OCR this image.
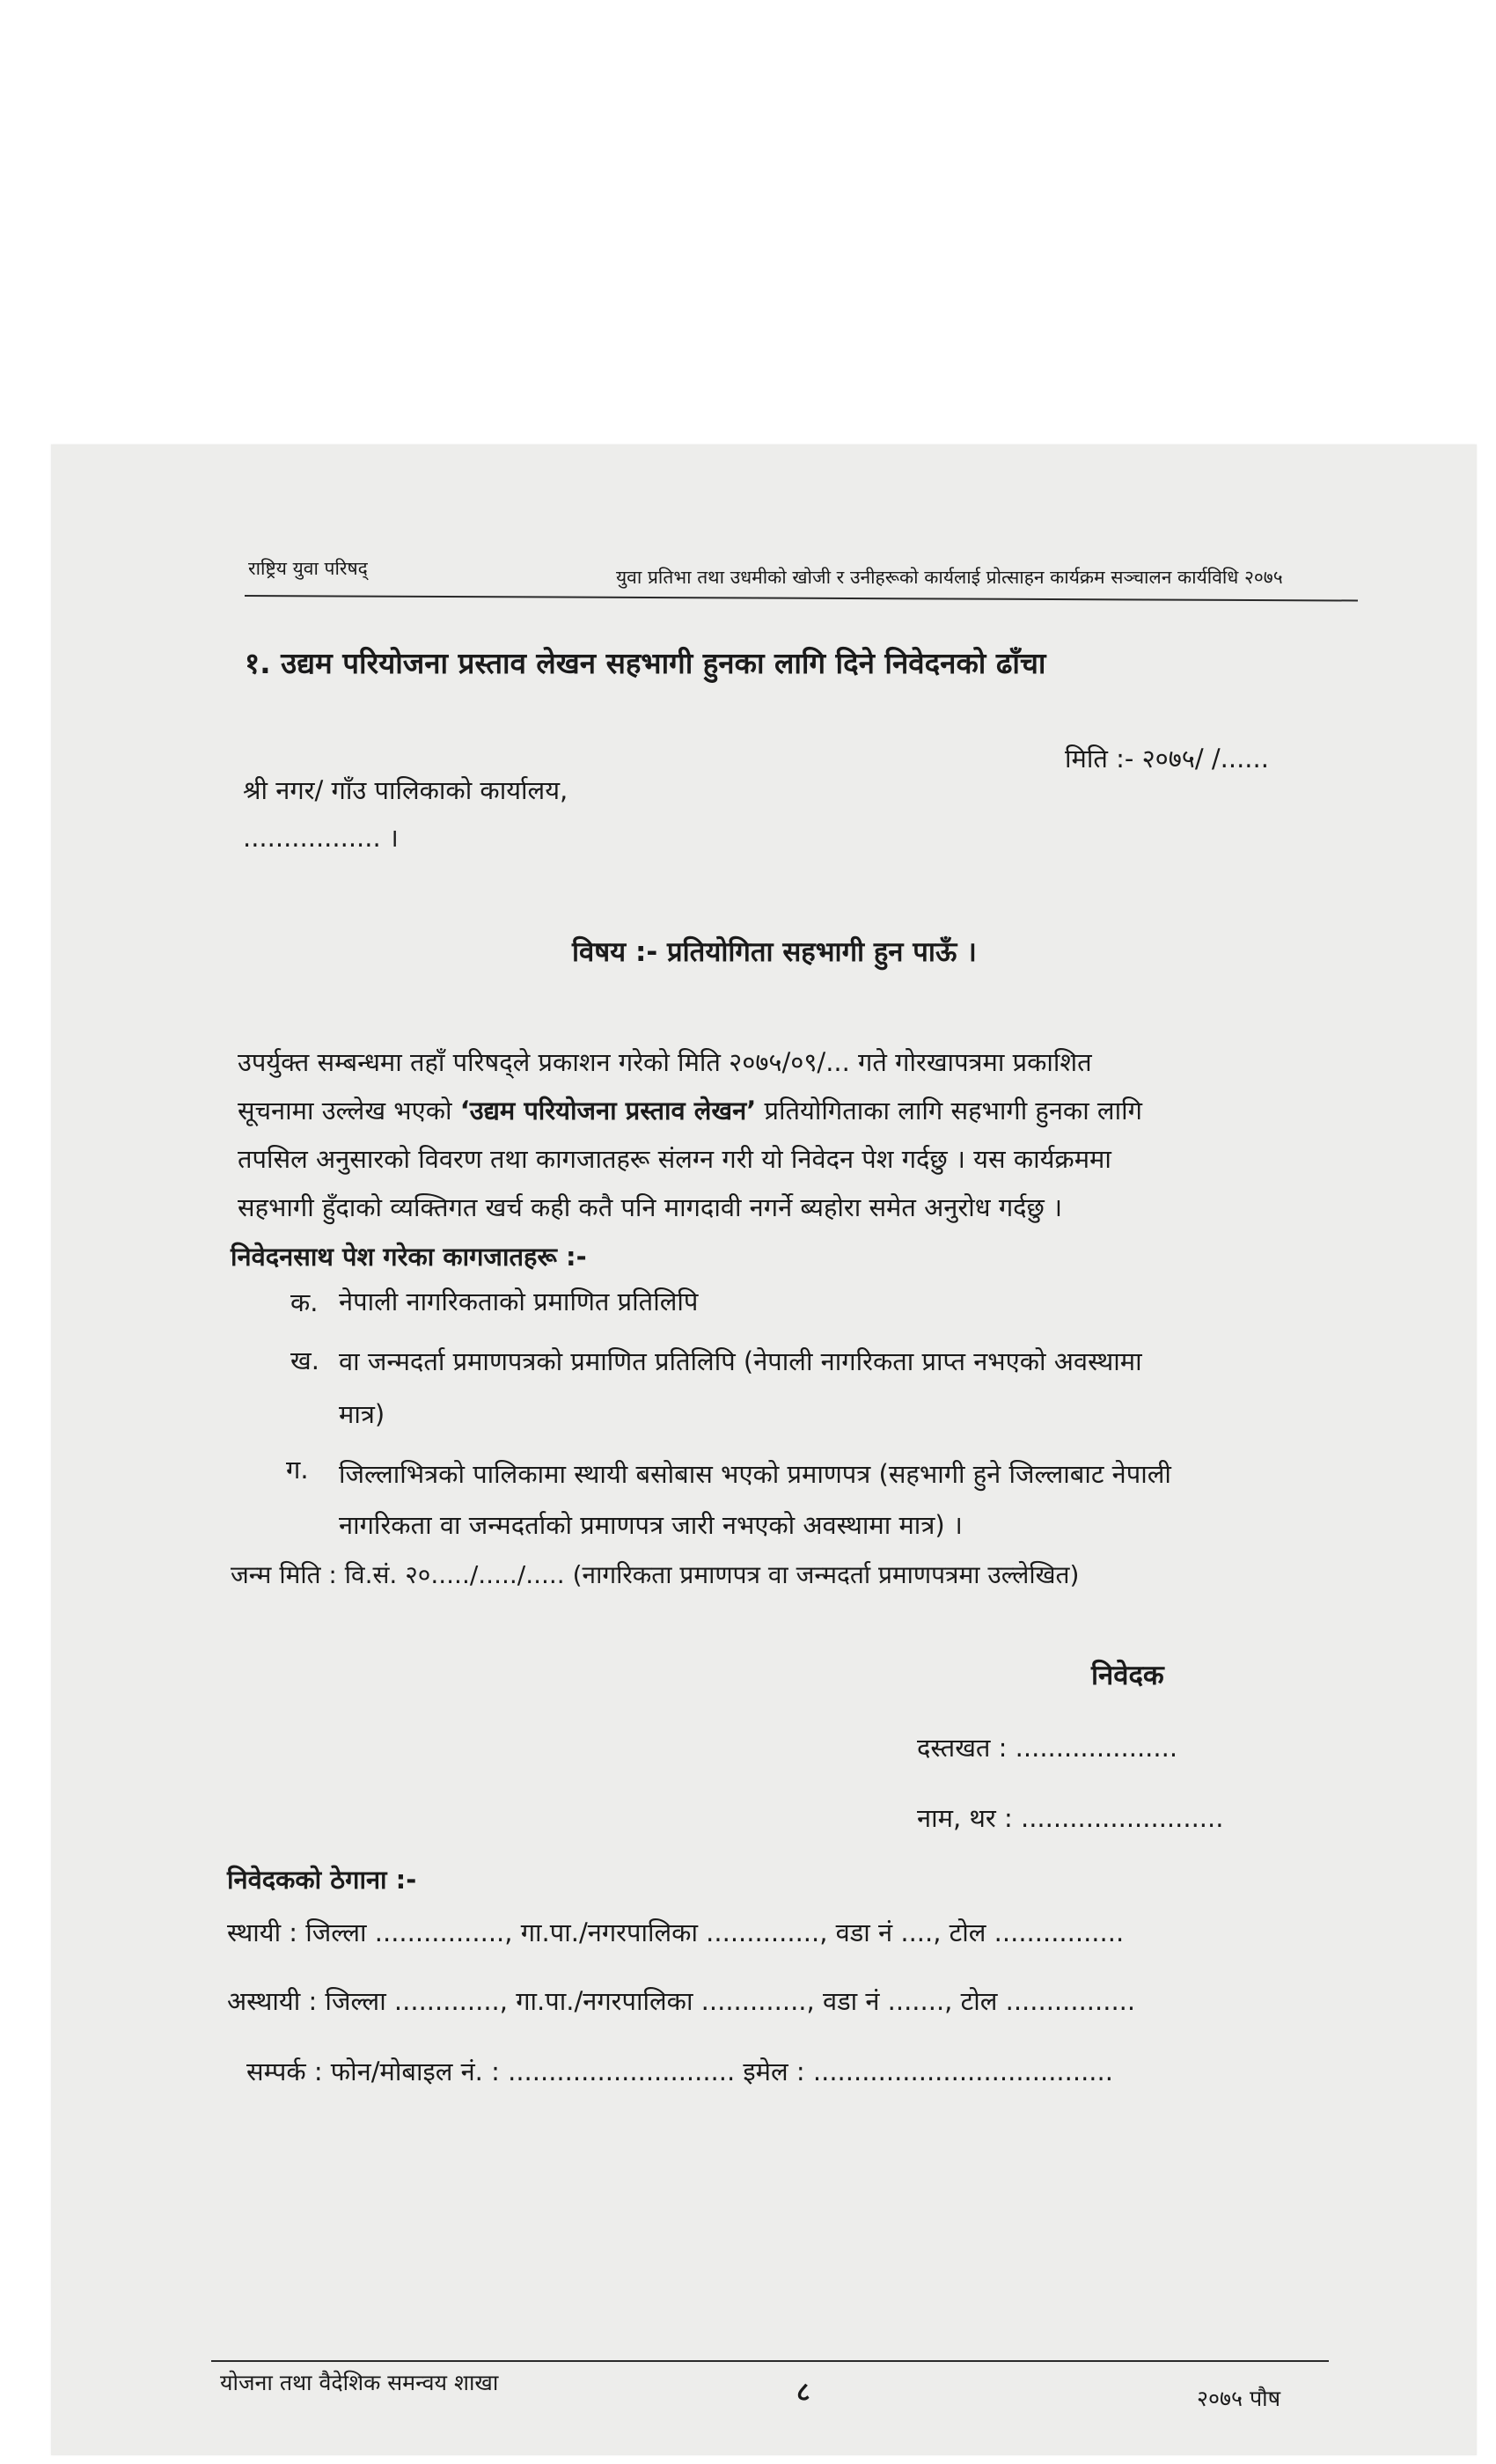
राष्ट्रिय युवा परिषद्	युवा प्रतिभा तथा उधमीको खोजी र उनीहरूको कार्यलाई प्रोत्साहन कार्यक्रम सञ्चालन कार्यविधि २०७५
१. उद्यम परियोजना प्रस्ताव लेखन सहभागी हुनका लागि दिने निवेदनको ढाँचा
मिति :- २०७५/ /......
श्री नगर/ गाँउ पालिकाको कार्यालय,
................. ।
विषय :- प्रतियोगिता सहभागी हुन पाऊँ ।
उपर्युक्त सम्बन्धमा तहाँ परिषद्ले प्रकाशन गरेको मिति २०७५/०९/... गते गोरखापत्रमा प्रकाशित
सूचनामा उल्लेख भएको ‘उद्यम परियोजना प्रस्ताव लेखन’ प्रतियोगिताका लागि सहभागी हुनका लागि
तपसिल अनुसारको विवरण तथा कागजातहरू संलग्न गरी यो निवेदन पेश गर्दछु । यस कार्यक्रममा
सहभागी हुँदाको व्यक्तिगत खर्च कही कतै पनि मागदावी नगर्ने ब्यहोरा समेत अनुरोध गर्दछु ।
निवेदनसाथ पेश गरेका कागजातहरू :-
क. नेपाली नागरिकताको प्रमाणित प्रतिलिपि
ख. वा जन्मदर्ता प्रमाणपत्रको प्रमाणित प्रतिलिपि (नेपाली नागरिकता प्राप्त नभएको अवस्थामा
मात्र)
ग. जिल्लाभित्रको पालिकामा स्थायी बसोबास भएको प्रमाणपत्र (सहभागी हुने जिल्लाबाट नेपाली
नागरिकता वा जन्मदर्ताको प्रमाणपत्र जारी नभएको अवस्थामा मात्र) ।
जन्म मिति : वि.सं. २०...../...../..... (नागरिकता प्रमाणपत्र वा जन्मदर्ता प्रमाणपत्रमा उल्लेखित)
निवेदक
दस्तखत : ....................
नाम, थर : .........................
निवेदकको ठेगाना :-
स्थायी : जिल्ला ................, गा.पा./नगरपालिका .............., वडा नं ...., टोल ................
अस्थायी : जिल्ला ............., गा.पा./नगरपालिका ............., वडा नं ......., टोल ................
सम्पर्क : फोन/मोबाइल नं. : ............................ इमेल : .....................................
योजना तथा वैदेशिक समन्वय शाखा	८	२०७५ पौष
